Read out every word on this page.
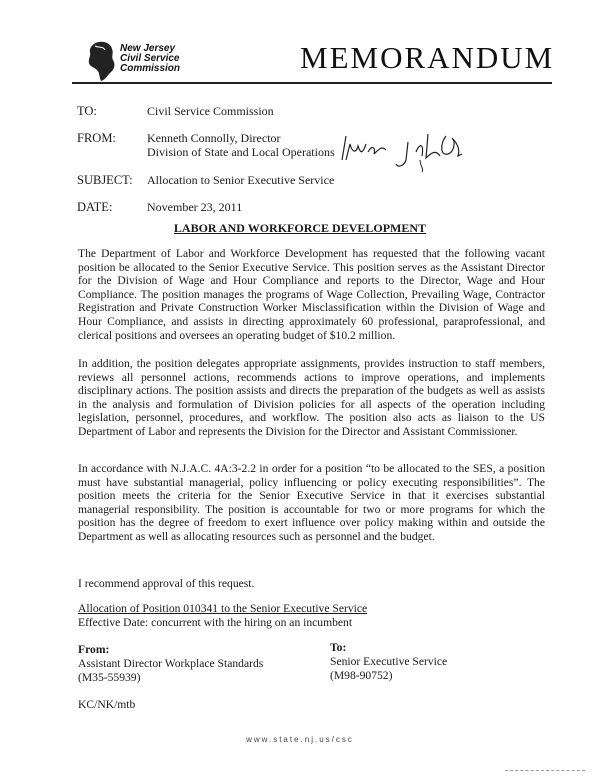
New Jersey
Civil Service
Commission	MEMORANDUM
TO:	Civil Service Commission
FROM:	Kenneth Connolly, Director
Division of State and Local Operations
SUBJECT: Allocation to Senior Executive Service
DATE:	November 23, 2011
LABOR AND WORKFORCE DEVELOPMENT

The Department of Labor and Workforce Development has requested that the following vacant position be allocated to the Senior Executive Service. This position serves as the Assistant Director for the Division of Wage and Hour Compliance and reports to the Director, Wage and Hour Compliance. The position manages the programs of Wage Collection, Prevailing Wage, Contractor Registration and Private Construction Worker Misclassification within the Division of Wage and Hour Compliance, and assists in directing approximately 60 professional, paraprofessional, and clerical positions and oversees an operating budget of $10.2 million.

In addition, the position delegates appropriate assignments, provides instruction to staff members, reviews all personnel actions, recommends actions to improve operations, and implements disciplinary actions. The position assists and directs the preparation of the budgets as well as assists in the analysis and formulation of Division policies for all aspects of the operation including legislation, personnel, procedures, and workflow. The position also acts as liaison to the US Department of Labor and represents the Division for the Director and Assistant Commissioner.

In accordance with N.J.A.C. 4A:3-2.2 in order for a position “to be allocated to the SES, a position must have substantial managerial, policy influencing or policy executing responsibilities”. The position meets the criteria for the Senior Executive Service in that it exercises substantial managerial responsibility. The position is accountable for two or more programs for which the position has the degree of freedom to exert influence over policy making within and outside the Department as well as allocating resources such as personnel and the budget.

I recommend approval of this request.
Allocation of Position 010341 to the Senior Executive Service
Effective Date: concurrent with the hiring on an incumbent
From:
Assistant Director Workplace Standards
(M35-55939)
To:
Senior Executive Service
(M98-90752)
KC/NK/mtb
www.state.nj.us/csc
